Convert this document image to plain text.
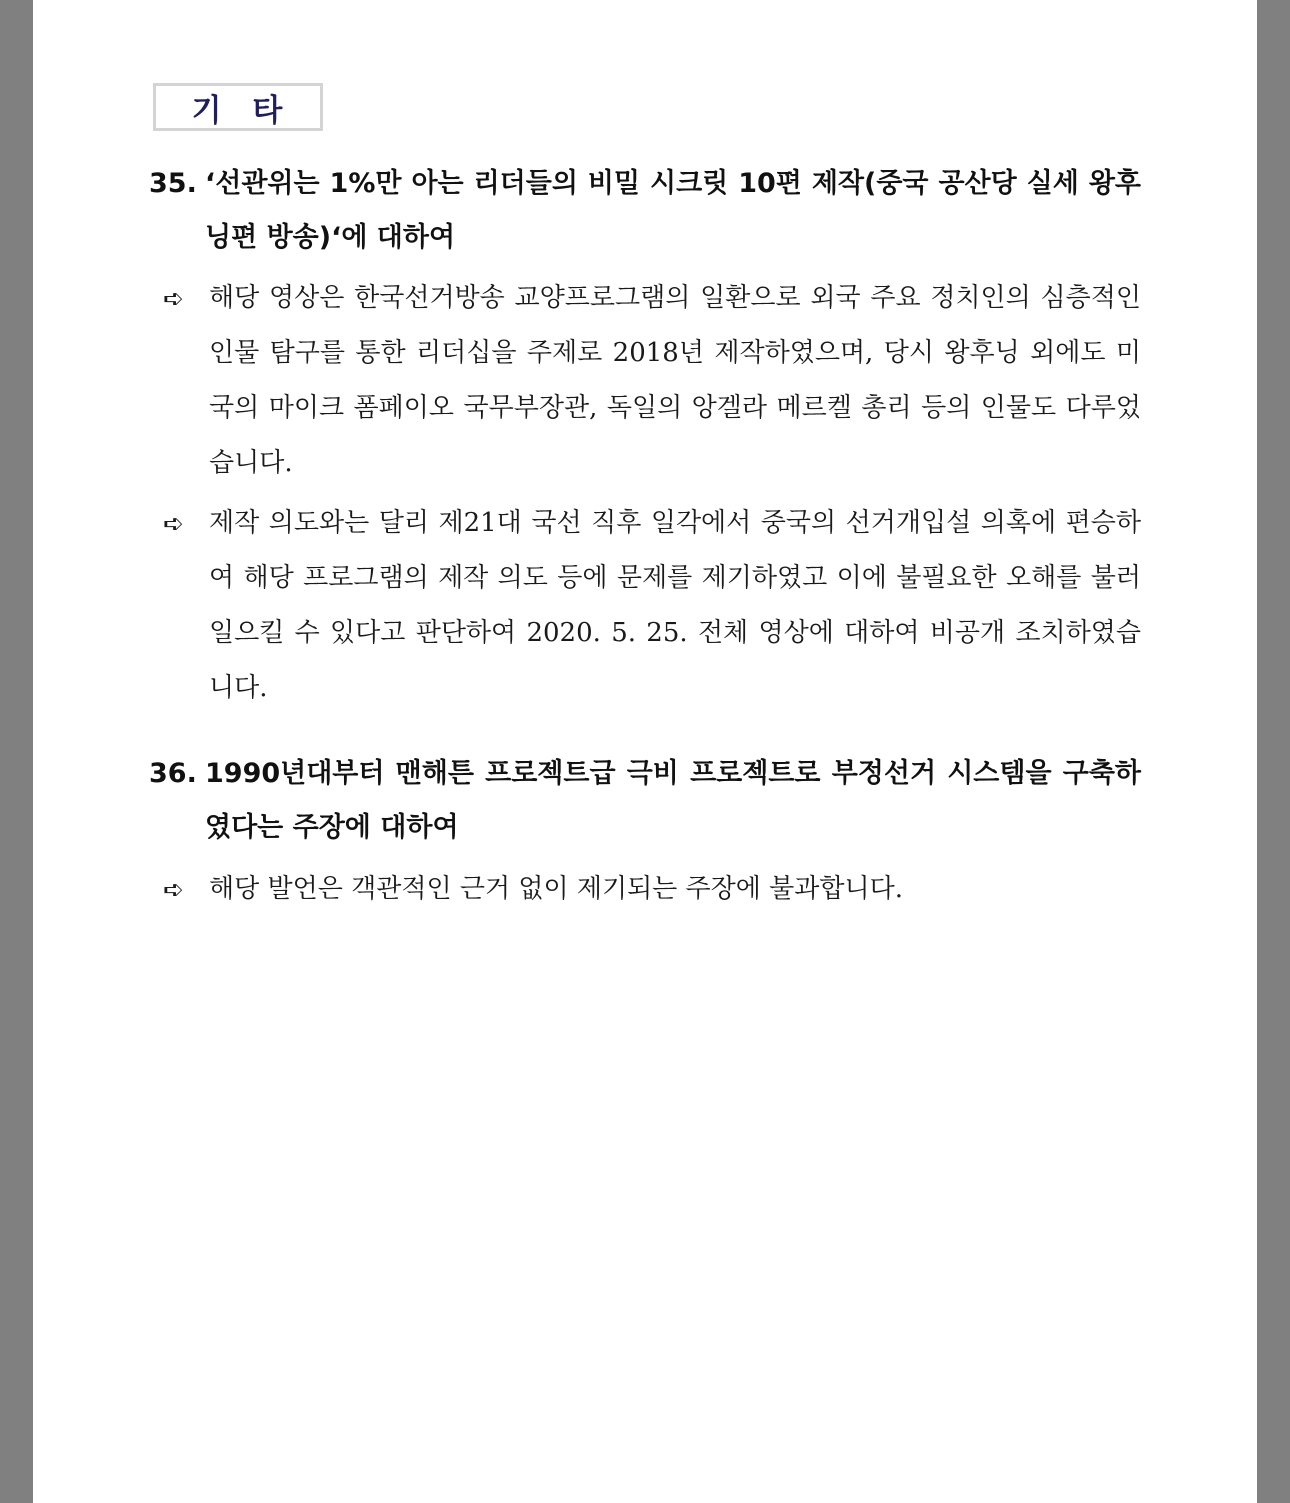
기 타
35. ‘선관위는 1%만 아는 리더들의 비밀 시크릿 10편 제작(중국 공산당 실세 왕후닝편 방송)‘에 대하여
➪ 해당 영상은 한국선거방송 교양프로그램의 일환으로 외국 주요 정치인의 심층적인 인물 탐구를 통한 리더십을 주제로 2018년 제작하였으며, 당시 왕후닝 외에도 미국의 마이크 폼페이오 국무부장관, 독일의 앙겔라 메르켈 총리 등의 인물도 다루었습니다.
➪ 제작 의도와는 달리 제21대 국선 직후 일각에서 중국의 선거개입설 의혹에 편승하여 해당 프로그램의 제작 의도 등에 문제를 제기하였고 이에 불필요한 오해를 불러일으킬 수 있다고 판단하여 2020. 5. 25. 전체 영상에 대하여 비공개 조치하였습니다.
36. 1990년대부터 맨해튼 프로젝트급 극비 프로젝트로 부정선거 시스템을 구축하였다는 주장에 대하여
➪ 해당 발언은 객관적인 근거 없이 제기되는 주장에 불과합니다.
